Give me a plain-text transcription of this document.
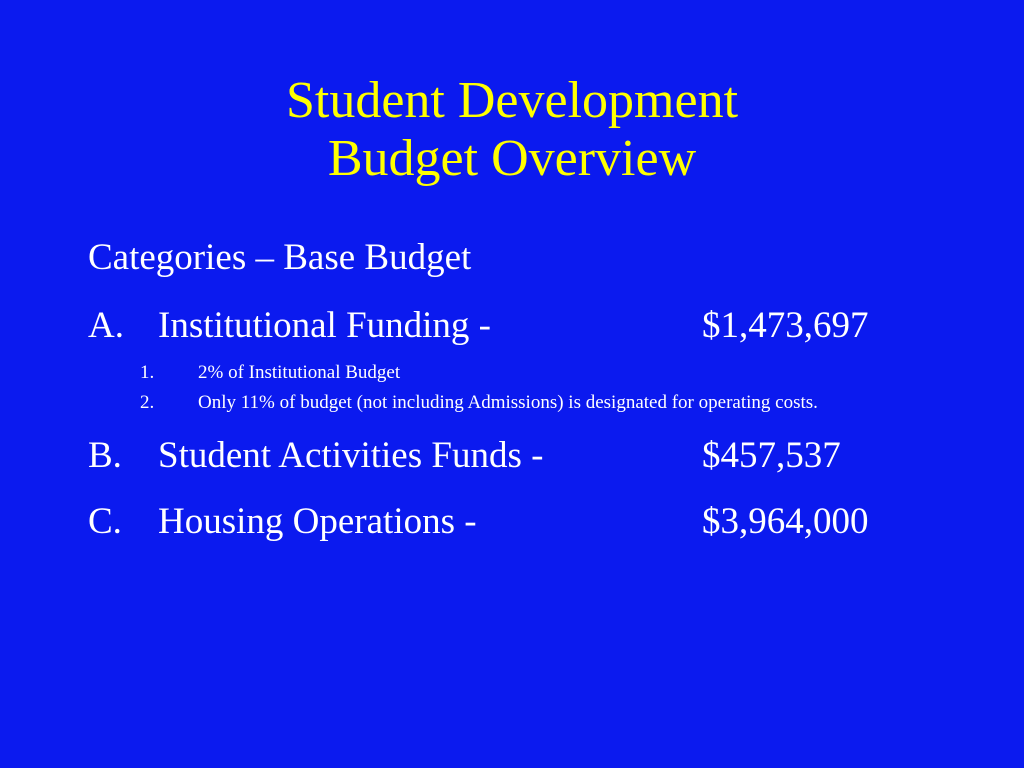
Student Development
Budget Overview
Categories – Base Budget
A. Institutional Funding -	$1,473,697
1. 2% of Institutional Budget
2. Only 11% of budget (not including Admissions) is designated for operating costs.
B. Student Activities Funds -	$457,537
C. Housing Operations -	$3,964,000
